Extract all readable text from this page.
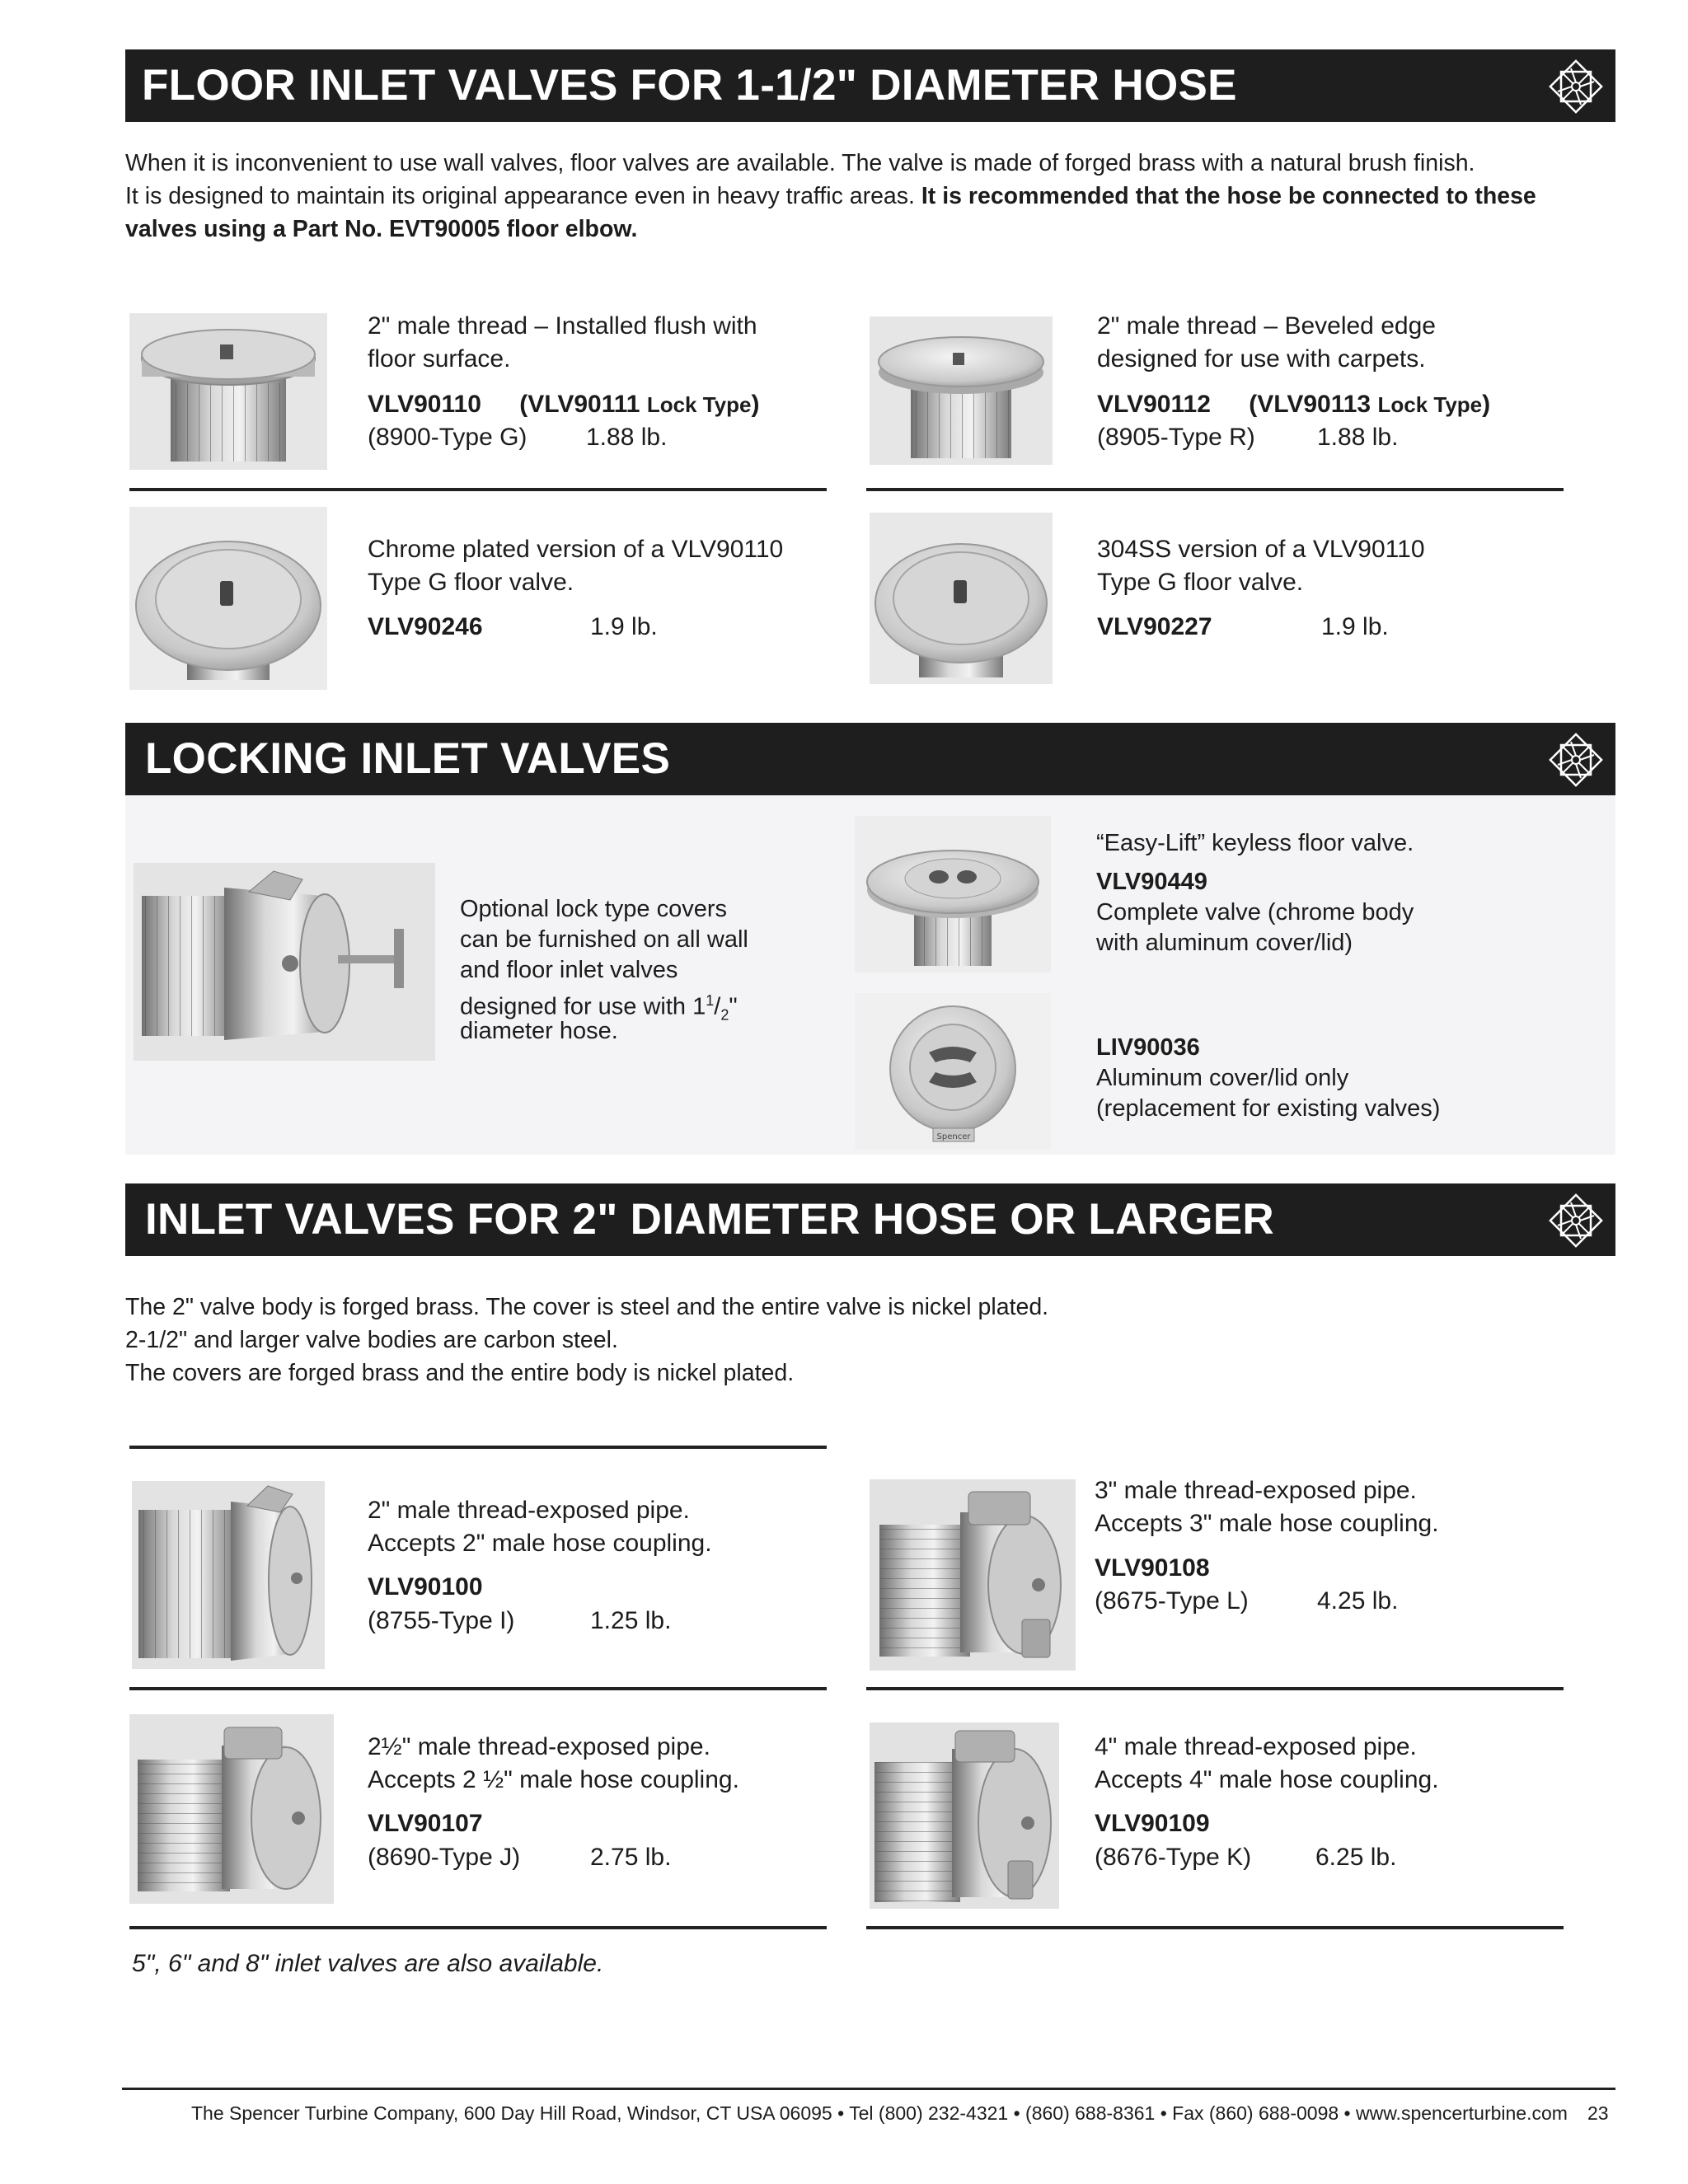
FLOOR INLET VALVES FOR 1-1/2" DIAMETER HOSE
When it is inconvenient to use wall valves, floor valves are available. The valve is made of forged brass with a natural brush finish.
It is designed to maintain its original appearance even in heavy traffic areas. It is recommended that the hose be connected to these
valves using a Part No. EVT90005 floor elbow.
2" male thread – Installed flush with
floor surface.
VLV90110 (VLV90111 Lock Type)
(8900-Type G) 1.88 lb.
2" male thread – Beveled edge
designed for use with carpets.
VLV90112 (VLV90113 Lock Type)
(8905-Type R)	1.88 lb.
Chrome plated version of a VLV90110
Type G floor valve.
VLV90246	1.9 lb.
304SS version of a VLV90110
Type G floor valve.
VLV90227	1.9 lb.
LOCKING INLET VALVES
Optional lock type covers
can be furnished on all wall
and floor inlet valves
designed for use with $1^1/_2$"
diameter hose.
“Easy-Lift” keyless floor valve.
VLV90449
Complete valve (chrome body
with aluminum cover/lid)
Spencer
LIV90036
Aluminum cover/lid only
(replacement for existing valves)
INLET VALVES FOR 2" DIAMETER HOSE OR LARGER
The 2" valve body is forged brass. The cover is steel and the entire valve is nickel plated.
2-1/2" and larger valve bodies are carbon steel.
The covers are forged brass and the entire body is nickel plated.
2" male thread-exposed pipe.
Accepts 2" male hose coupling.
VLV90100
(8755-Type I)	1.25 lb.
3" male thread-exposed pipe.
Accepts 3" male hose coupling.
VLV90108
(8675-Type L)	4.25 lb.
2½" male thread-exposed pipe.
Accepts 2 ½" male hose coupling.
VLV90107
(8690-Type J)	2.75 lb.
4" male thread-exposed pipe.
Accepts 4" male hose coupling.
VLV90109
(8676-Type K)	6.25 lb.
5", 6" and 8" inlet valves are also available.
The Spencer Turbine Company, 600 Day Hill Road, Windsor, CT USA 06095 • Tel (800) 232-4321 • (860) 688-8361 • Fax (860) 688-0098 • www.spencerturbine.com 23
